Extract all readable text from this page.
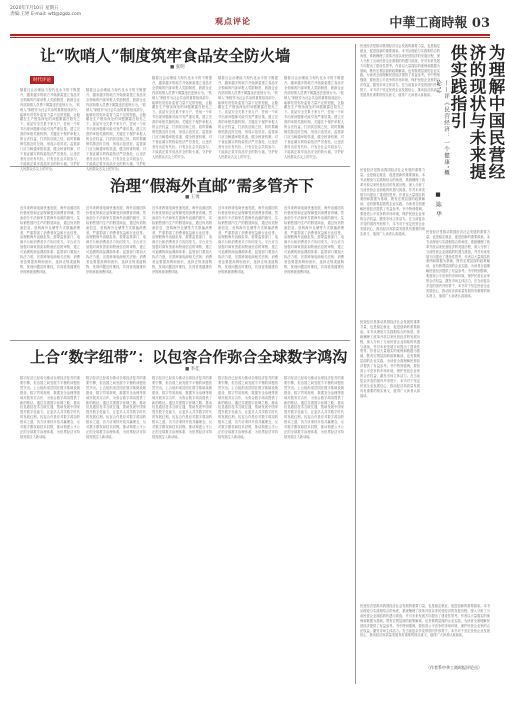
2020年7月10日 星期五
责编:王婷 E-mail: wtt@zgsb.com
观点评论	中華工商時報 03
让“吹哨人”制度筑牢食品安全防火墙
■ 张明
时代评论
随着社会治理能力现代化水平的不断提升，越来越多的地方开始探索建立食品安全领域的内部举报人奖励制度，鼓励企业内部知情人员勇于揭露违法违规行为。“吹哨人”制度作为社会共治的重要组成部分，能够有效弥补监管力量不足的短板，让隐藏在生产链条深处的问题暴露在阳光之下。食品安全关系千家万户，任何一个环节出现问题都可能引发严重后果。建立完善的举报奖励机制，关键在于保护举报人的合法权益，打消其后顾之忧，同时要确保奖励及时兑现，形成示范效应。监管部门应当畅通举报渠道，健全核查机制，对于查证属实的线索依法严厉查处，让违法者付出应有代价。只有全社会共同参与，才能真正筑牢食品安全的防火墙，守护好人民群众舌尖上的安全。
随着社会治理能力现代化水平的不断提升，越来越多的地方开始探索建立食品安全领域的内部举报人奖励制度，鼓励企业内部知情人员勇于揭露违法违规行为。“吹哨人”制度作为社会共治的重要组成部分，能够有效弥补监管力量不足的短板，让隐藏在生产链条深处的问题暴露在阳光之下。食品安全关系千家万户，任何一个环节出现问题都可能引发严重后果。建立完善的举报奖励机制，关键在于保护举报人的合法权益，打消其后顾之忧，同时要确保奖励及时兑现，形成示范效应。监管部门应当畅通举报渠道，健全核查机制，对于查证属实的线索依法严厉查处，让违法者付出应有代价。只有全社会共同参与，才能真正筑牢食品安全的防火墙，守护好人民群众舌尖上的安全。
随着社会治理能力现代化水平的不断提升，越来越多的地方开始探索建立食品安全领域的内部举报人奖励制度，鼓励企业内部知情人员勇于揭露违法违规行为。“吹哨人”制度作为社会共治的重要组成部分，能够有效弥补监管力量不足的短板，让隐藏在生产链条深处的问题暴露在阳光之下。食品安全关系千家万户，任何一个环节出现问题都可能引发严重后果。建立完善的举报奖励机制，关键在于保护举报人的合法权益，打消其后顾之忧，同时要确保奖励及时兑现，形成示范效应。监管部门应当畅通举报渠道，健全核查机制，对于查证属实的线索依法严厉查处，让违法者付出应有代价。只有全社会共同参与，才能真正筑牢食品安全的防火墙，守护好人民群众舌尖上的安全。
随着社会治理能力现代化水平的不断提升，越来越多的地方开始探索建立食品安全领域的内部举报人奖励制度，鼓励企业内部知情人员勇于揭露违法违规行为。“吹哨人”制度作为社会共治的重要组成部分，能够有效弥补监管力量不足的短板，让隐藏在生产链条深处的问题暴露在阳光之下。食品安全关系千家万户，任何一个环节出现问题都可能引发严重后果。建立完善的举报奖励机制，关键在于保护举报人的合法权益，打消其后顾之忧，同时要确保奖励及时兑现，形成示范效应。监管部门应当畅通举报渠道，健全核查机制，对于查证属实的线索依法严厉查处，让违法者付出应有代价。只有全社会共同参与，才能真正筑牢食品安全的防火墙，守护好人民群众舌尖上的安全。
随着社会治理能力现代化水平的不断提升，越来越多的地方开始探索建立食品安全领域的内部举报人奖励制度，鼓励企业内部知情人员勇于揭露违法违规行为。“吹哨人”制度作为社会共治的重要组成部分，能够有效弥补监管力量不足的短板，让隐藏在生产链条深处的问题暴露在阳光之下。食品安全关系千家万户，任何一个环节出现问题都可能引发严重后果。建立完善的举报奖励机制，关键在于保护举报人的合法权益，打消其后顾之忧，同时要确保奖励及时兑现，形成示范效应。监管部门应当畅通举报渠道，健全核查机制，对于查证属实的线索依法严厉查处，让违法者付出应有代价。只有全社会共同参与，才能真正筑牢食品安全的防火墙，守护好人民群众舌尖上的安全。
治理“假海外直邮”需多管齐下
■ 王勇
近年来跨境电商快速发展，海外直邮因其价格优势和正品保障受到消费者青睐。然而部分不法商家打着海外直邮的旗号，实际销售国内生产的假冒商品，通过伪造物流信息、虚构海外仓储等方式欺骗消费者，严重损害了消费者权益和行业信誉。治理假海外直邮乱象，需要监管部门、电商平台和消费者多方协同发力。平台应当加强对商家资质和物流信息的审核，建立可追溯的商品溯源体系；监管部门要加大执法力度，完善跨境电商相关法规；消费者也要提高辨别意识，选择正规渠道购物，发现问题及时维权，共同营造健康有序的跨境消费环境。
近年来跨境电商快速发展，海外直邮因其价格优势和正品保障受到消费者青睐。然而部分不法商家打着海外直邮的旗号，实际销售国内生产的假冒商品，通过伪造物流信息、虚构海外仓储等方式欺骗消费者，严重损害了消费者权益和行业信誉。治理假海外直邮乱象，需要监管部门、电商平台和消费者多方协同发力。平台应当加强对商家资质和物流信息的审核，建立可追溯的商品溯源体系；监管部门要加大执法力度，完善跨境电商相关法规；消费者也要提高辨别意识，选择正规渠道购物，发现问题及时维权，共同营造健康有序的跨境消费环境。
近年来跨境电商快速发展，海外直邮因其价格优势和正品保障受到消费者青睐。然而部分不法商家打着海外直邮的旗号，实际销售国内生产的假冒商品，通过伪造物流信息、虚构海外仓储等方式欺骗消费者，严重损害了消费者权益和行业信誉。治理假海外直邮乱象，需要监管部门、电商平台和消费者多方协同发力。平台应当加强对商家资质和物流信息的审核，建立可追溯的商品溯源体系；监管部门要加大执法力度，完善跨境电商相关法规；消费者也要提高辨别意识，选择正规渠道购物，发现问题及时维权，共同营造健康有序的跨境消费环境。
近年来跨境电商快速发展，海外直邮因其价格优势和正品保障受到消费者青睐。然而部分不法商家打着海外直邮的旗号，实际销售国内生产的假冒商品，通过伪造物流信息、虚构海外仓储等方式欺骗消费者，严重损害了消费者权益和行业信誉。治理假海外直邮乱象，需要监管部门、电商平台和消费者多方协同发力。平台应当加强对商家资质和物流信息的审核，建立可追溯的商品溯源体系；监管部门要加大执法力度，完善跨境电商相关法规；消费者也要提高辨别意识，选择正规渠道购物，发现问题及时维权，共同营造健康有序的跨境消费环境。
近年来跨境电商快速发展，海外直邮因其价格优势和正品保障受到消费者青睐。然而部分不法商家打着海外直邮的旗号，实际销售国内生产的假冒商品，通过伪造物流信息、虚构海外仓储等方式欺骗消费者，严重损害了消费者权益和行业信誉。治理假海外直邮乱象，需要监管部门、电商平台和消费者多方协同发力。平台应当加强对商家资质和物流信息的审核，建立可追溯的商品溯源体系；监管部门要加大执法力度，完善跨境电商相关法规；消费者也要提高辨别意识，选择正规渠道购物，发现问题及时维权，共同营造健康有序的跨境消费环境。
上合“数字纽带”：以包容合作弥合全球数字鸿沟
■ 李佳
数字经济已经成为推动全球经济复苏的重要引擎，但各国之间发展不平衡的问题依然突出。上合组织成员国在数字基础设施建设、数字贸易规则、数据安全治理等领域开展务实合作，为弥合数字鸿沟提供了新的路径。通过共建数字丝绸之路，推动信息通信技术互联互通，帮助发展中国家提升数字化能力，让更多人共享数字时代的发展红利。包容合作是应对数字鸿沟的根本之道，各方应秉持开放共赢理念，反对数字霸权和技术封锁，推动构建公平公正的全球数字治理体系，为世界经济可持续发展注入新动能。
数字经济已经成为推动全球经济复苏的重要引擎，但各国之间发展不平衡的问题依然突出。上合组织成员国在数字基础设施建设、数字贸易规则、数据安全治理等领域开展务实合作，为弥合数字鸿沟提供了新的路径。通过共建数字丝绸之路，推动信息通信技术互联互通，帮助发展中国家提升数字化能力，让更多人共享数字时代的发展红利。包容合作是应对数字鸿沟的根本之道，各方应秉持开放共赢理念，反对数字霸权和技术封锁，推动构建公平公正的全球数字治理体系，为世界经济可持续发展注入新动能。
数字经济已经成为推动全球经济复苏的重要引擎，但各国之间发展不平衡的问题依然突出。上合组织成员国在数字基础设施建设、数字贸易规则、数据安全治理等领域开展务实合作，为弥合数字鸿沟提供了新的路径。通过共建数字丝绸之路，推动信息通信技术互联互通，帮助发展中国家提升数字化能力，让更多人共享数字时代的发展红利。包容合作是应对数字鸿沟的根本之道，各方应秉持开放共赢理念，反对数字霸权和技术封锁，推动构建公平公正的全球数字治理体系，为世界经济可持续发展注入新动能。
数字经济已经成为推动全球经济复苏的重要引擎，但各国之间发展不平衡的问题依然突出。上合组织成员国在数字基础设施建设、数字贸易规则、数据安全治理等领域开展务实合作，为弥合数字鸿沟提供了新的路径。通过共建数字丝绸之路，推动信息通信技术互联互通，帮助发展中国家提升数字化能力，让更多人共享数字时代的发展红利。包容合作是应对数字鸿沟的根本之道，各方应秉持开放共赢理念，反对数字霸权和技术封锁，推动构建公平公正的全球数字治理体系，为世界经济可持续发展注入新动能。
数字经济已经成为推动全球经济复苏的重要引擎，但各国之间发展不平衡的问题依然突出。上合组织成员国在数字基础设施建设、数字贸易规则、数据安全治理等领域开展务实合作，为弥合数字鸿沟提供了新的路径。通过共建数字丝绸之路，推动信息通信技术互联互通，帮助发展中国家提升数字化能力，让更多人共享数字时代的发展红利。包容合作是应对数字鸿沟的根本之道，各方应秉持开放共赢理念，反对数字霸权和技术封锁，推动构建公平公正的全球数字治理体系，为世界经济可持续发展注入新动能。
民营经济是推动我国经济社会发展的重要力量，也是稳定就业、促进创新的重要源泉。本书从理论与实践相结合的角度，系统梳理了改革开放以来民营经济的发展历程，深入分析了当前民营企业面临的机遇与挑战，并对未来发展方向提出了建设性思考。作者以大量翔实的案例和数据为基础，既有宏观层面的政策解读，也有微观层面的企业实践，为读者全面理解民营经济提供了有益参考。书中特别强调，要营造公平竞争的市场环境，保护民营企业家的合法权益，激发市场主体活力。在当前复杂多变的国内外形势下，本书对于坚定民营企业发展信心、推动经济高质量发展具有重要的现实意义，值得广大读者认真阅读。	为理解中国民营经济的现状与未来提供实践指引
——评《民营经济：一个健康“概论”》
■ 陈 华
民营经济是推动我国经济社会发展的重要力量，也是稳定就业、促进创新的重要源泉。本书从理论与实践相结合的角度，系统梳理了改革开放以来民营经济的发展历程，深入分析了当前民营企业面临的机遇与挑战，并对未来发展方向提出了建设性思考。作者以大量翔实的案例和数据为基础，既有宏观层面的政策解读，也有微观层面的企业实践，为读者全面理解民营经济提供了有益参考。书中特别强调，要营造公平竞争的市场环境，保护民营企业家的合法权益，激发市场主体活力。在当前复杂多变的国内外形势下，本书对于坚定民营企业发展信心、推动经济高质量发展具有重要的现实意义，值得广大读者认真阅读。
民营经济是推动我国经济社会发展的重要力量，也是稳定就业、促进创新的重要源泉。本书从理论与实践相结合的角度，系统梳理了改革开放以来民营经济的发展历程，深入分析了当前民营企业面临的机遇与挑战，并对未来发展方向提出了建设性思考。作者以大量翔实的案例和数据为基础，既有宏观层面的政策解读，也有微观层面的企业实践，为读者全面理解民营经济提供了有益参考。书中特别强调，要营造公平竞争的市场环境，保护民营企业家的合法权益，激发市场主体活力。在当前复杂多变的国内外形势下，本书对于坚定民营企业发展信心、推动经济高质量发展具有重要的现实意义，值得广大读者认真阅读。
民营经济是推动我国经济社会发展的重要力量，也是稳定就业、促进创新的重要源泉。本书从理论与实践相结合的角度，系统梳理了改革开放以来民营经济的发展历程，深入分析了当前民营企业面临的机遇与挑战，并对未来发展方向提出了建设性思考。作者以大量翔实的案例和数据为基础，既有宏观层面的政策解读，也有微观层面的企业实践，为读者全面理解民营经济提供了有益参考。书中特别强调，要营造公平竞争的市场环境，保护民营企业家的合法权益，激发市场主体活力。在当前复杂多变的国内外形势下，本书对于坚定民营企业发展信心、推动经济高质量发展具有重要的现实意义，值得广大读者认真阅读。
民营经济是推动我国经济社会发展的重要力量，也是稳定就业、促进创新的重要源泉。本书从理论与实践相结合的角度，系统梳理了改革开放以来民营经济的发展历程，深入分析了当前民营企业面临的机遇与挑战，并对未来发展方向提出了建设性思考。作者以大量翔实的案例和数据为基础，既有宏观层面的政策解读，也有微观层面的企业实践，为读者全面理解民营经济提供了有益参考。书中特别强调，要营造公平竞争的市场环境，保护民营企业家的合法权益，激发市场主体活力。在当前复杂多变的国内外形势下，本书对于坚定民营企业发展信心、推动经济高质量发展具有重要的现实意义，值得广大读者认真阅读。
（作者系中华工商时报评论员）
